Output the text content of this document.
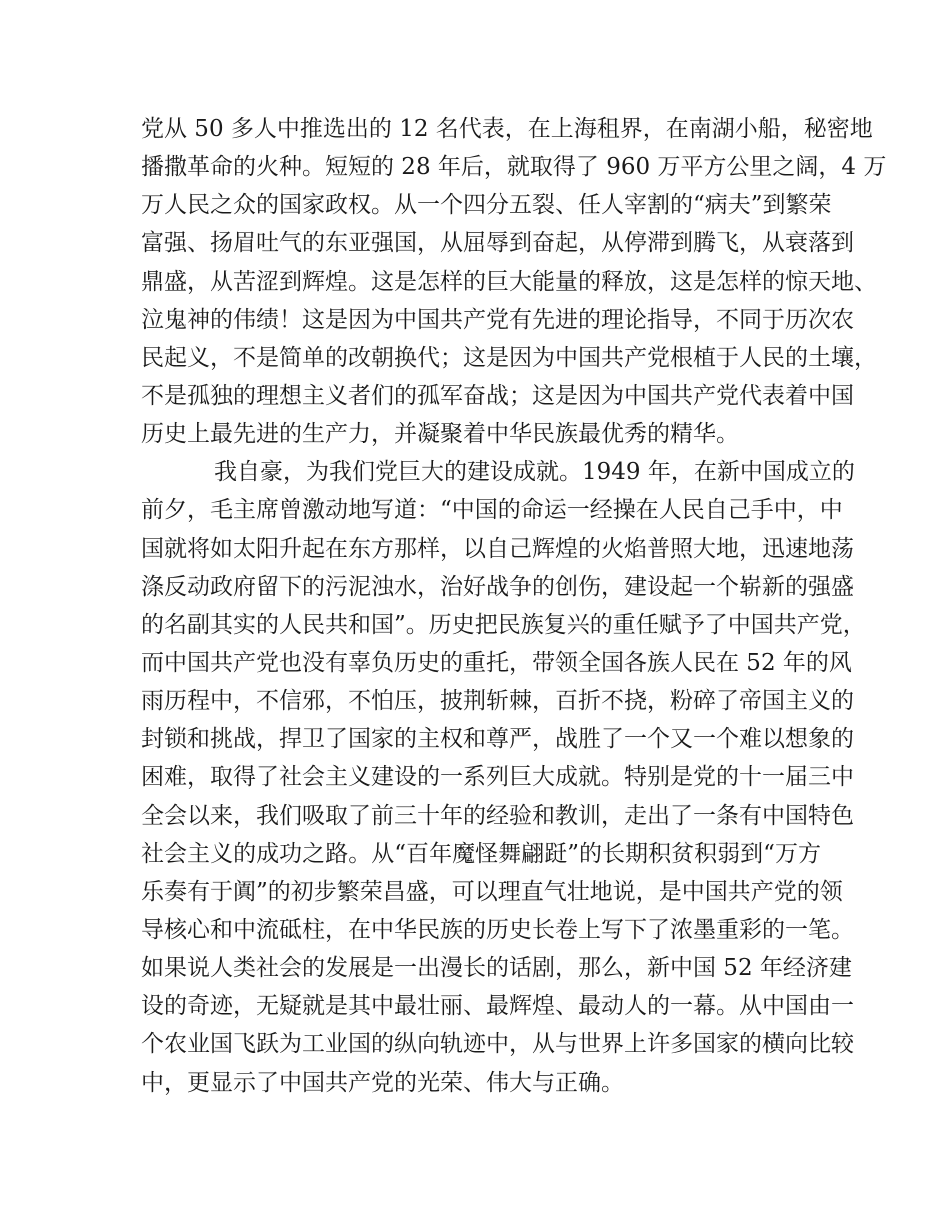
党从 50 多人中推选出的 12 名代表，在上海租界，在南湖小船，秘密地
播撒革命的火种。短短的 28 年后，就取得了 960 万平方公里之阔，4 万
万人民之众的国家政权。从一个四分五裂、任人宰割的“病夫”到繁荣
富强、扬眉吐气的东亚强国，从屈辱到奋起，从停滞到腾飞，从衰落到
鼎盛，从苦涩到辉煌。这是怎样的巨大能量的释放，这是怎样的惊天地、
泣鬼神的伟绩！这是因为中国共产党有先进的理论指导，不同于历次农
民起义，不是简单的改朝换代；这是因为中国共产党根植于人民的土壤，
不是孤独的理想主义者们的孤军奋战；这是因为中国共产党代表着中国
历史上最先进的生产力，并凝聚着中华民族最优秀的精华。
我自豪，为我们党巨大的建设成就。1949 年，在新中国成立的
前夕，毛主席曾激动地写道：“中国的命运一经操在人民自己手中，中
国就将如太阳升起在东方那样，以自己辉煌的火焰普照大地，迅速地荡
涤反动政府留下的污泥浊水，治好战争的创伤，建设起一个崭新的强盛
的名副其实的人民共和国”。历史把民族复兴的重任赋予了中国共产党，
而中国共产党也没有辜负历史的重托，带领全国各族人民在 52 年的风
雨历程中，不信邪，不怕压，披荆斩棘，百折不挠，粉碎了帝国主义的
封锁和挑战，捍卫了国家的主权和尊严，战胜了一个又一个难以想象的
困难，取得了社会主义建设的一系列巨大成就。特别是党的十一届三中
全会以来，我们吸取了前三十年的经验和教训，走出了一条有中国特色
社会主义的成功之路。从“百年魔怪舞翩跹”的长期积贫积弱到“万方
乐奏有于阗”的初步繁荣昌盛，可以理直气壮地说，是中国共产党的领
导核心和中流砥柱，在中华民族的历史长卷上写下了浓墨重彩的一笔。
如果说人类社会的发展是一出漫长的话剧，那么，新中国 52 年经济建
设的奇迹，无疑就是其中最壮丽、最辉煌、最动人的一幕。从中国由一
个农业国飞跃为工业国的纵向轨迹中，从与世界上许多国家的横向比较
中，更显示了中国共产党的光荣、伟大与正确。
